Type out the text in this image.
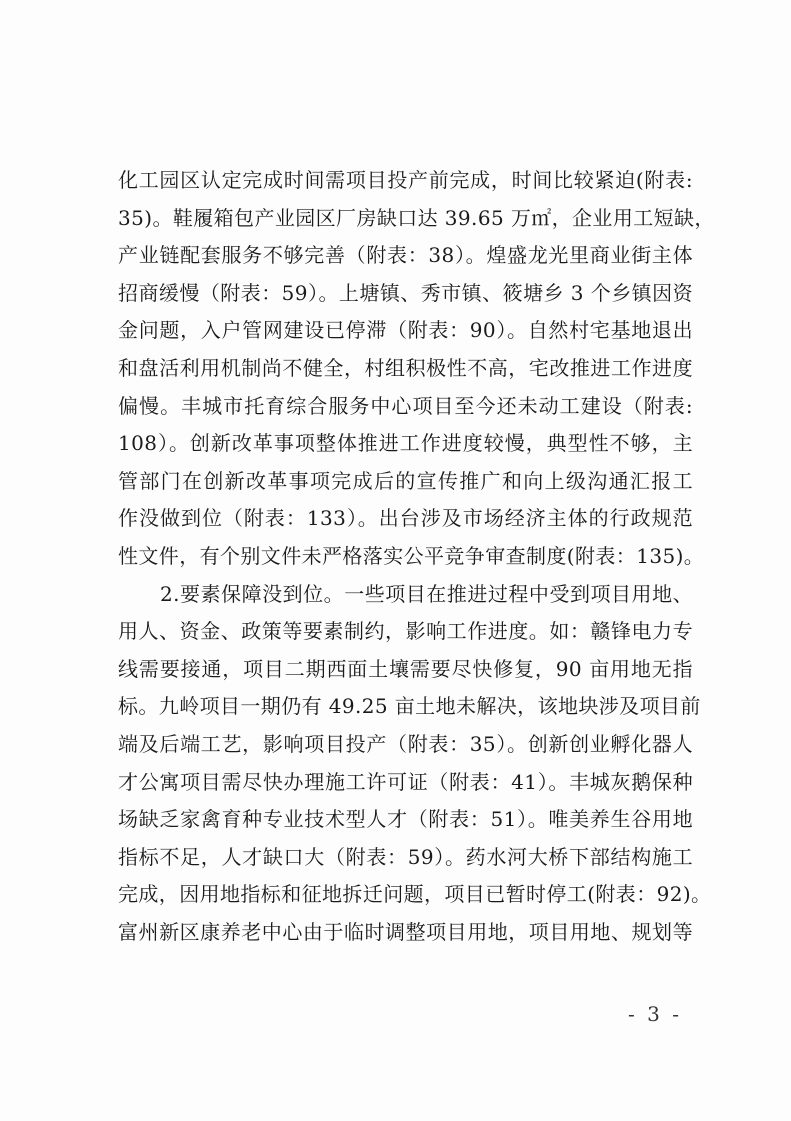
化工园区认定完成时间需项目投产前完成，时间比较紧迫(附表:
35)。鞋履箱包产业园区厂房缺口达 39.65 万㎡，企业用工短缺，
产业链配套服务不够完善（附表：38）。煌盛龙光里商业街主体
招商缓慢（附表：59）。上塘镇、秀市镇、筱塘乡 3 个乡镇因资
金问题，入户管网建设已停滞（附表：90）。自然村宅基地退出
和盘活利用机制尚不健全，村组积极性不高，宅改推进工作进度
偏慢。丰城市托育综合服务中心项目至今还未动工建设（附表:
108）。创新改革事项整体推进工作进度较慢，典型性不够，主
管部门在创新改革事项完成后的宣传推广和向上级沟通汇报工
作没做到位（附表：133）。出台涉及市场经济主体的行政规范
性文件，有个别文件未严格落实公平竞争审查制度(附表：135)。
2.要素保障没到位。一些项目在推进过程中受到项目用地、
用人、资金、政策等要素制约，影响工作进度。如：赣锋电力专
线需要接通，项目二期西面土壤需要尽快修复，90 亩用地无指
标。九岭项目一期仍有 49.25 亩土地未解决，该地块涉及项目前
端及后端工艺，影响项目投产（附表：35）。创新创业孵化器人
才公寓项目需尽快办理施工许可证（附表：41）。丰城灰鹅保种
场缺乏家禽育种专业技术型人才（附表：51）。唯美养生谷用地
指标不足，人才缺口大（附表：59）。药水河大桥下部结构施工
完成，因用地指标和征地拆迁问题，项目已暂时停工(附表：92)。
富州新区康养老中心由于临时调整项目用地，项目用地、规划等
- 3 -
